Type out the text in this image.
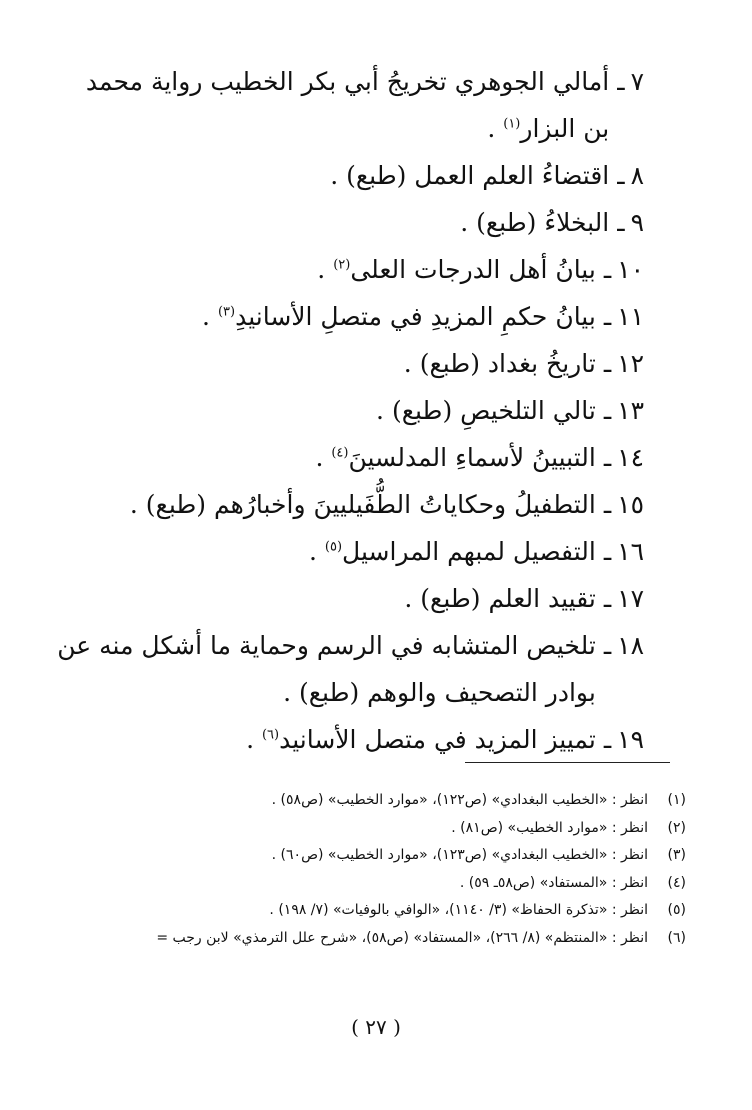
٧
ـ
أمالي الجوهري تخريجُ أبي بكر الخطيب رواية محمد بن البزار$^{(١)}$ .
٨
ـ
اقتضاءُ العلم العمل (طبع) .
٩
ـ
البخلاءُ (طبع) .
١٠
ـ
بيانُ أهل الدرجات العلى$^{(٢)}$ .
١١
ـ
بيانُ حكمِ المزيدِ في متصلِ الأسانيدِ$^{(٣)}$ .
١٢
ـ
تاريخُ بغداد (طبع) .
١٣
ـ
تالي التلخيصِ (طبع) .
١٤
ـ
التبيينُ لأسماءِ المدلسينَ$^{(٤)}$ .
١٥
ـ
التطفيلُ وحكاياتُ الطُّفَيليينَ وأخبارُهم (طبع) .
١٦
ـ
التفصيل لمبهم المراسيل$^{(٥)}$ .
١٧
ـ
تقييد العلم (طبع) .
١٨
ـ
تلخيص المتشابه في الرسم وحماية ما أشكل منه عن بوادر التصحيف والوهم (طبع) .
١٩
ـ
تمييز المزيد في متصل الأسانيد$^{(٦)}$ .
(١)
انظر : «الخطيب البغدادي» (ص١٢٢)، «موارد الخطيب» (ص٥٨) .
(٢)
انظر : «موارد الخطيب» (ص٨١) .
(٣)
انظر : «الخطيب البغدادي» (ص١٢٣)، «موارد الخطيب» (ص٦٠) .
(٤)
انظر : «المستفاد» (ص٥٨ـ ٥٩) .
(٥)
انظر : «تذكرة الحفاظ» (٣/ ١١٤٠)، «الوافي بالوفيات» (٧/ ١٩٨) .
(٦)
انظر : «المنتظم» (٨/ ٢٦٦)، «المستفاد» (ص٥٨)، «شرح علل الترمذي» لابن رجب =
( ٢٧ )
